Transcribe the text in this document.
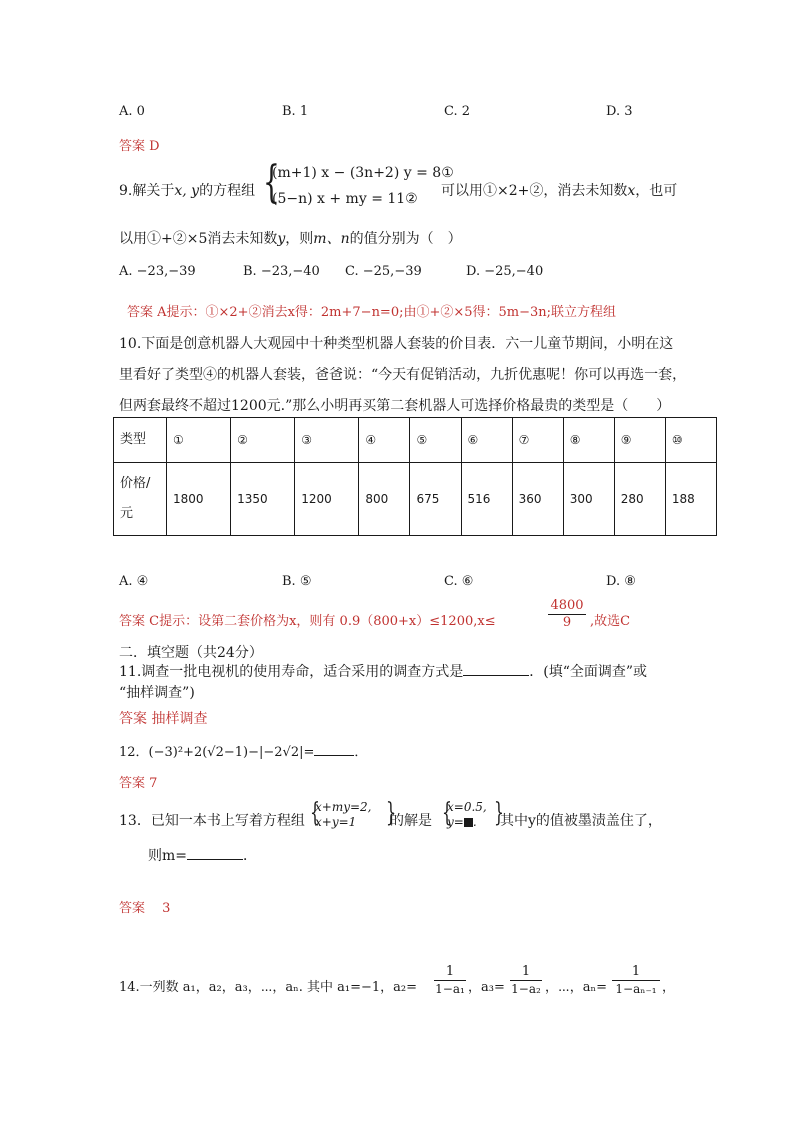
A. 0	B. 1	C. 2	D. 3
答案 D
9.解关于x, y的方程组 {
(m+1) x − (3n+2) y = 8①
(5−n) x + my = 11② 可以用①×2+②，消去未知数x，也可
以用①+②×5消去未知数y，则m、n的值分别为（　）
A. −23,−39	B. −23,−40 C. −25,−39	D. −25,−40
答案 A提示：①×2+②消去x得：2m+7−n=0;由①+②×5得：5m−3n;联立方程组
10.下面是创意机器人大观园中十种类型机器人套装的价目表．六一儿童节期间，小明在这
里看好了类型④的机器人套装，爸爸说：“今天有促销活动，九折优惠呢！你可以再选一套，
但两套最终不超过1200元.”那么小明再买第二套机器人可选择价格最贵的类型是（　　）
类型	①	②	③	④	⑤	⑥	⑦	⑧	⑨	⑩
价格/
元	1800	1350	1200	800	675	516	360	300	280	188
A. ④	B. ⑤	C. ⑥	D. ⑧
答案 C提示：设第二套价格为x，则有 0.9（800+x）≤1200,x≤	$\frac{4800}{9}$ ,故选C
二．填空题（共24分）
11.调查一批电视机的使用寿命，适合采用的调查方式是	．(填“全面调查”或
“抽样调查”)
答案 抽样调查
12．(−3)²+2(√2−1)−|−2√2|=	．
答案 7
13．已知一本书上写着方程组 {
x+my=2,
x+y=1 }
的解是 {
x=0.5,
y= . }
其中y的值被墨渍盖住了，
则m=	．
答案　 3
14.一列数 a₁，a₂，a₃，⋯，aₙ. 其中 a₁=−1，$a_2= \frac{1}{\text{1−a₁}}$ ，$a_3= \frac{1}{\text{1−a₂}}$ ，⋯，$a_n= \frac{1}{\text{1−aₙ₋₁}}$ ，
